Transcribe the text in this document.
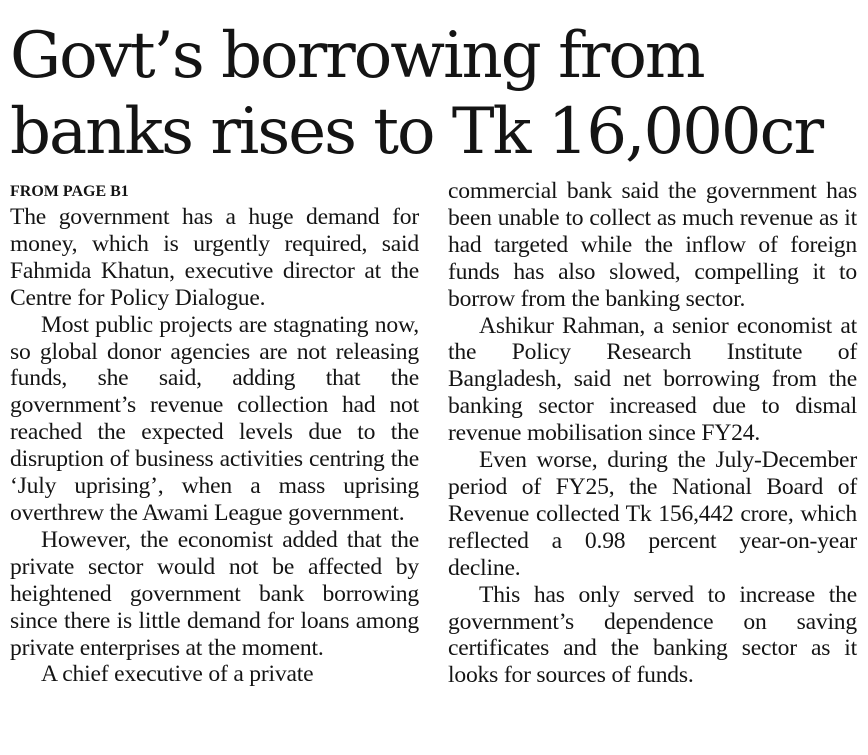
Govt’s borrowing from banks rises to Tk 16,000cr
FROM PAGE B1

The government has a huge demand for money, which is urgently required, said Fahmida Khatun, executive director at the Centre for Policy Dialogue.

Most public projects are stagnating now, so global donor agencies are not releasing funds, she said, adding that the government’s revenue collection had not reached the expected levels due to the disruption of business activities centring the ‘July uprising’, when a mass uprising overthrew the Awami League government.

However, the economist added that the private sector would not be affected by heightened government bank borrowing since there is little demand for loans among private enterprises at the moment.

A chief executive of a private

commercial bank said the government has been unable to collect as much revenue as it had targeted while the inflow of foreign funds has also slowed, compelling it to borrow from the banking sector.

Ashikur Rahman, a senior economist at the Policy Research Institute of Bangladesh, said net borrowing from the banking sector increased due to dismal revenue mobilisation since FY24.

Even worse, during the July-December period of FY25, the National Board of Revenue collected Tk 156,442 crore, which reflected a 0.98 percent year-on-year decline.

This has only served to increase the government’s dependence on saving certificates and the banking sector as it looks for sources of funds.
